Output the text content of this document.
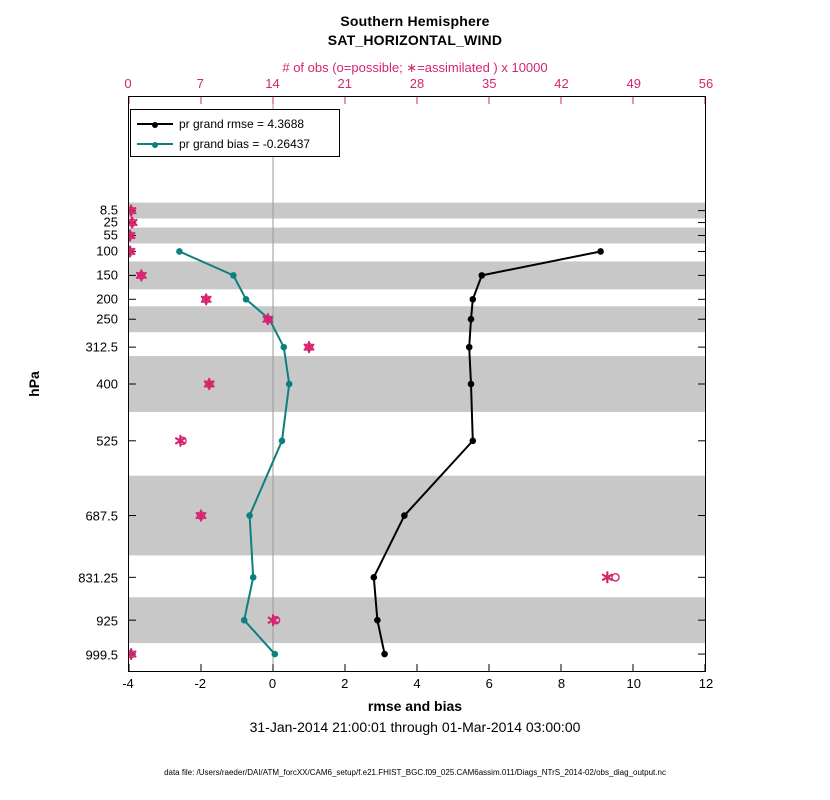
Southern Hemisphere
SAT_HORIZONTAL_WIND
# of obs (o=possible; ∗=assimilated ) x 10000
8.5
25
55
100
150
200
250
312.5
400
525
687.5
831.25
925
999.5
0	7	14	21	28	35	42	49	56
-4	-2	0	2	4	6	8	10	12
hPa
rmse and bias
31-Jan-2014 21:00:01 through 01-Mar-2014 03:00:00
data file: /Users/raeder/DAI/ATM_forcXX/CAM6_setup/f.e21.FHIST_BGC.f09_025.CAM6assim.011/Diags_NTrS_2014-02/obs_diag_output.nc
pr grand rmse = 4.3688
pr grand bias = -0.26437
